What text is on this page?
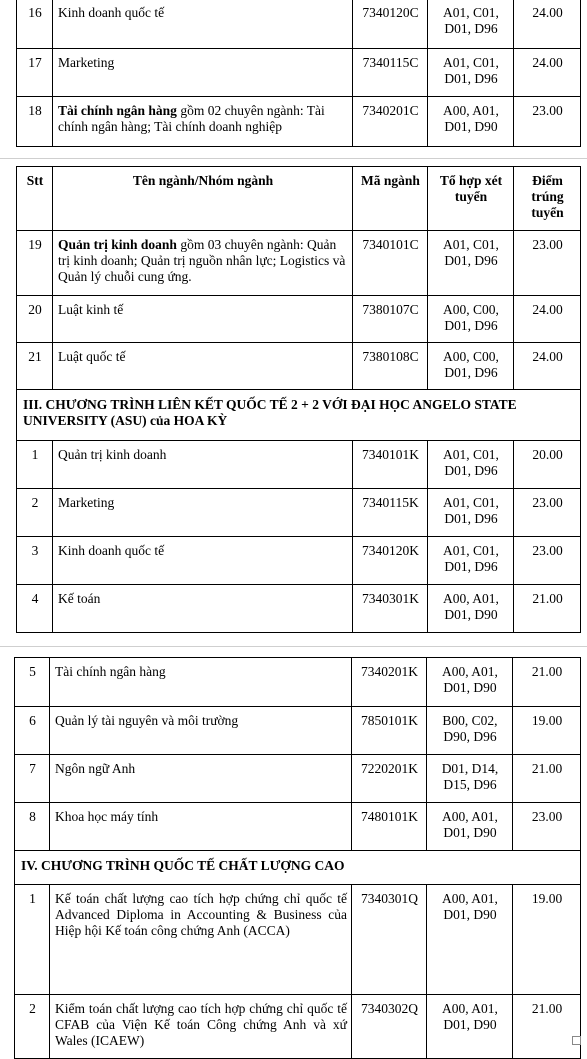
16	Kinh doanh quốc tế	7340120C	A01, C01, D01, D96	24.00
17	Marketing	7340115C	A01, C01, D01, D96	24.00
18	Tài chính ngân hàng gồm 02 chuyên ngành: Tài chính ngân hàng; Tài chính doanh nghiệp	7340201C	A00, A01, D01, D90	23.00
Stt	Tên ngành/Nhóm ngành	Mã ngành	Tổ hợp xét tuyển	Điểm trúng tuyển
19	Quản trị kinh doanh gồm 03 chuyên ngành: Quản trị kinh doanh; Quản trị nguồn nhân lực; Logistics và Quản lý chuỗi cung ứng.	7340101C	A01, C01, D01, D96	23.00
20	Luật kinh tế	7380107C	A00, C00, D01, D96	24.00
21	Luật quốc tế	7380108C	A00, C00, D01, D96	24.00
III. CHƯƠNG TRÌNH LIÊN KẾT QUỐC TẾ 2 + 2 VỚI ĐẠI HỌC ANGELO STATE UNIVERSITY (ASU) của HOA KỲ				
1	Quản trị kinh doanh	7340101K	A01, C01, D01, D96	20.00
2	Marketing	7340115K	A01, C01, D01, D96	23.00
3	Kinh doanh quốc tế	7340120K	A01, C01, D01, D96	23.00
4	Kế toán	7340301K	A00, A01, D01, D90	21.00
5	Tài chính ngân hàng	7340201K	A00, A01, D01, D90	21.00
6	Quản lý tài nguyên và môi trường	7850101K	B00, C02, D90, D96	19.00
7	Ngôn ngữ Anh	7220201K	D01, D14, D15, D96	21.00
8	Khoa học máy tính	7480101K	A00, A01, D01, D90	23.00
IV. CHƯƠNG TRÌNH QUỐC TẾ CHẤT LƯỢNG CAO				
1	Kế toán chất lượng cao tích hợp chứng chỉ quốc tế Advanced Diploma in Accounting & Business của Hiệp hội Kế toán công chứng Anh (ACCA)	7340301Q	A00, A01, D01, D90	19.00
2	Kiểm toán chất lượng cao tích hợp chứng chỉ quốc tế CFAB của Viện Kế toán Công chứng Anh và xứ Wales (ICAEW)	7340302Q	A00, A01, D01, D90	21.00
